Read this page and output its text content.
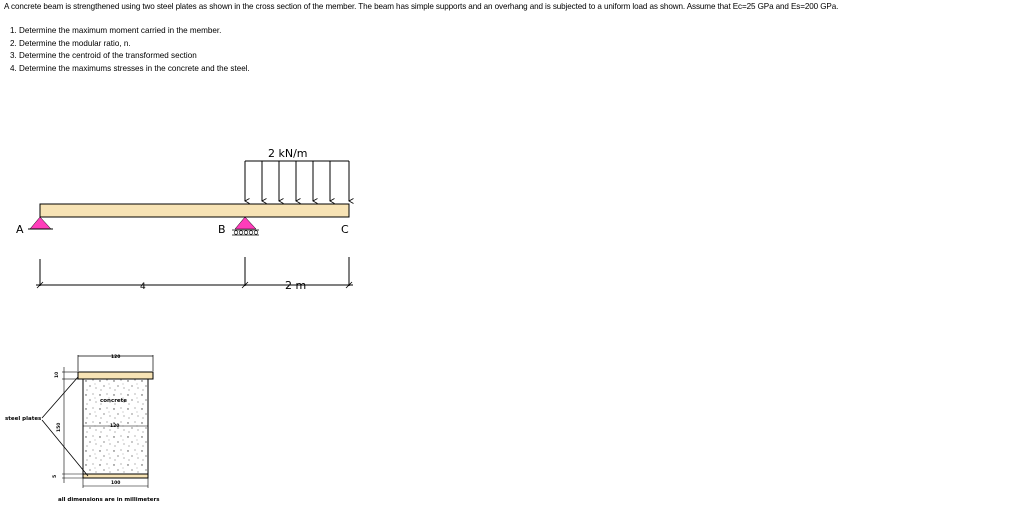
A concrete beam is strengthened using two steel plates as shown in the cross section of the member. The beam has simple supports and an overhang and is subjected to a uniform load as shown. Assume that Ec=25 GPa and Es=200 GPa.
1. Determine the maximum moment carried in the member.
2. Determine the modular ratio, n.
3. Determine the centroid of the transformed section
4. Determine the maximums stresses in the concrete and the steel.
2 kN/m
A	B	C
4	2 m
120
10
150
5
120
100
concrete
steel plates
all dimensions are in millimeters
